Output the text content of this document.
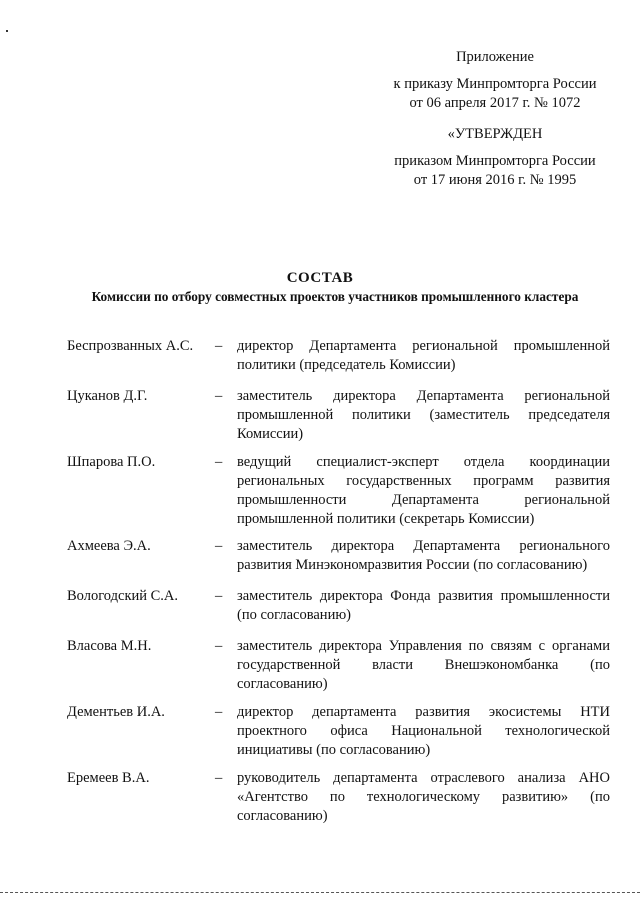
Приложение
к приказу Минпромторга России
от 06 апреля 2017 г. № 1072
«УТВЕРЖДЕН
приказом Минпромторга России
от 17 июня 2016 г. № 1995
СОСТАВ
Комиссии по отбору совместных проектов участников промышленного кластера
Беспрозванных А.С. – директор Департамента региональной промышленной политики (председатель Комиссии)
Цуканов Д.Г.	– заместитель директора Департамента региональной промышленной политики (заместитель председателя Комиссии)
Шпарова П.О.	– ведущий специалист-эксперт отдела координации региональных государственных программ развития промышленности Департамента региональной промышленной политики (секретарь Комиссии)
Ахмеева Э.А.	– заместитель директора Департамента регионального развития Минэкономразвития России (по согласованию)
Вологодский С.А.	– заместитель директора Фонда развития промышленности (по согласованию)
Власова М.Н.	– заместитель директора Управления по связям с органами государственной власти Внешэкономбанка (по согласованию)
Дементьев И.А.	– директор департамента развития экосистемы НТИ проектного офиса Национальной технологической инициативы (по согласованию)
Еремеев В.А.	– руководитель департамента отраслевого анализа АНО «Агентство по технологическому развитию» (по согласованию)
